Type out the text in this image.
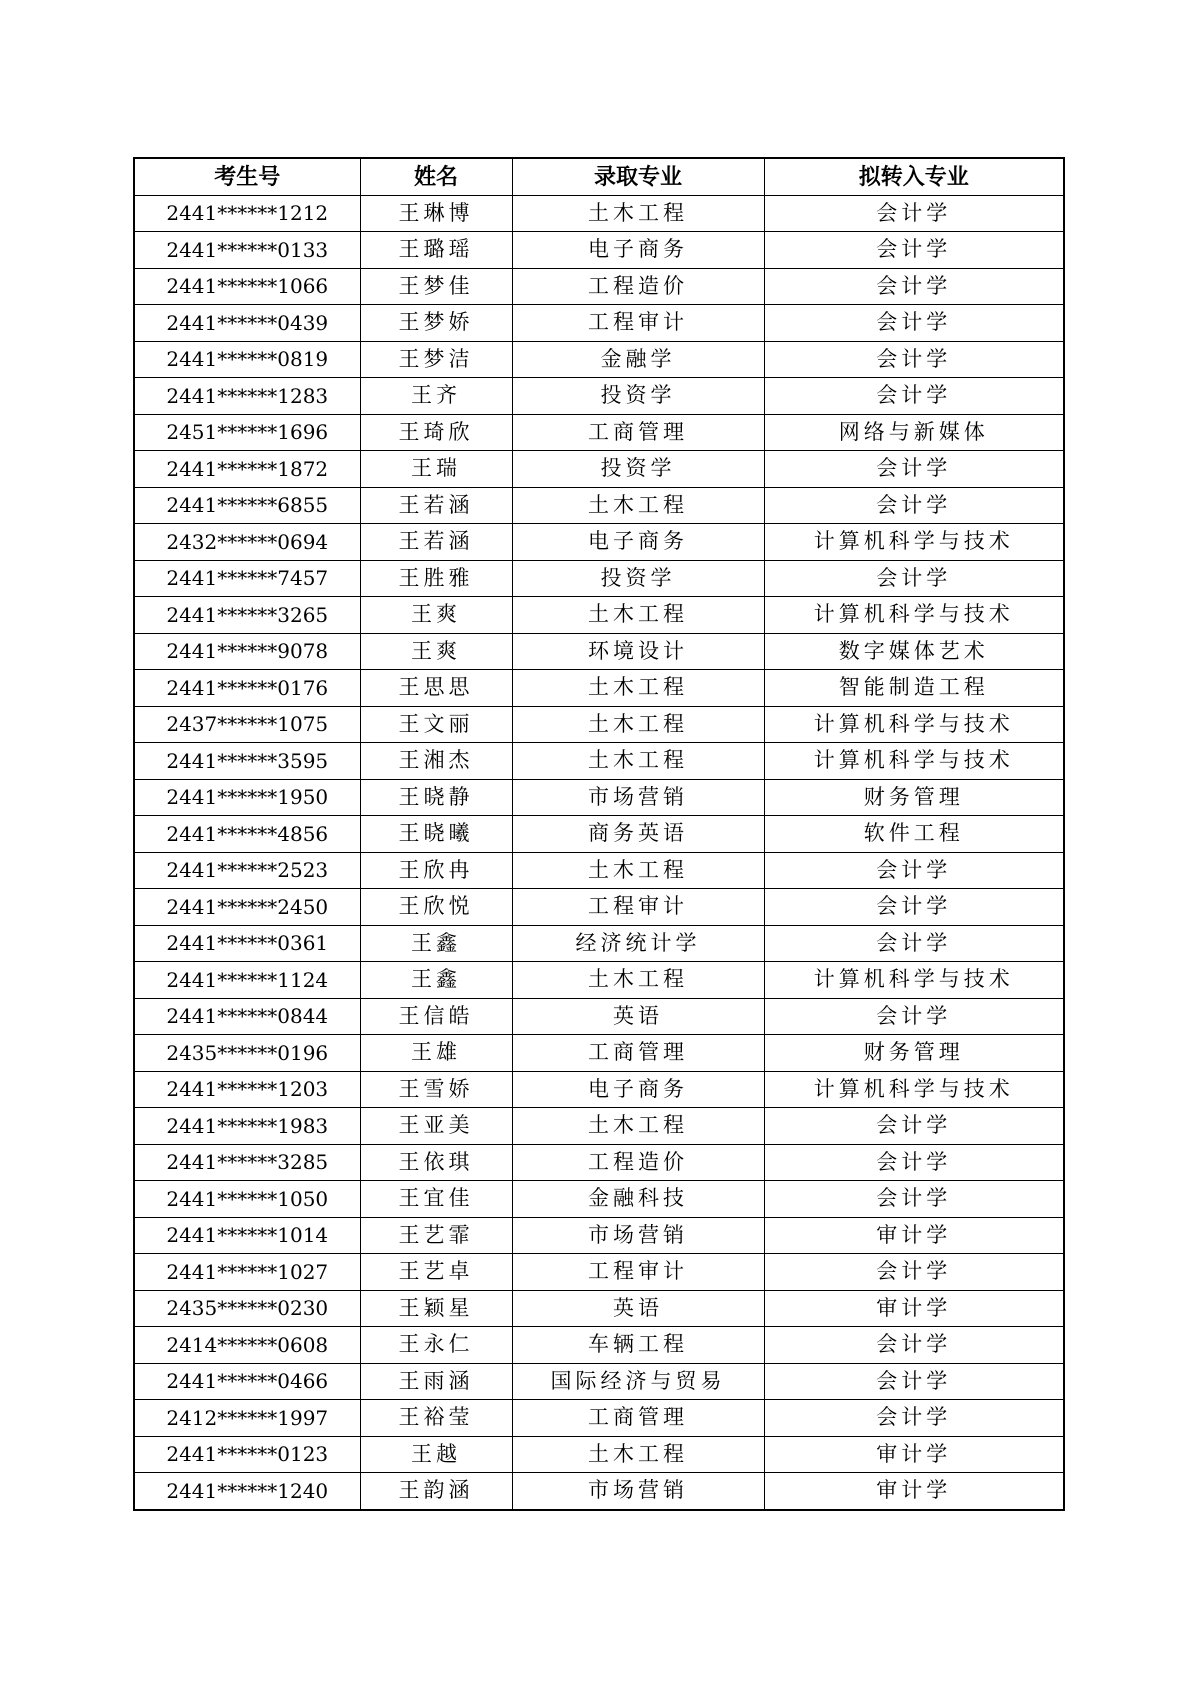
考生号	姓名	录取专业	拟转入专业
2441******1212	王琳博	土木工程	会计学
2441******0133	王璐瑶	电子商务	会计学
2441******1066	王梦佳	工程造价	会计学
2441******0439	王梦娇	工程审计	会计学
2441******0819	王梦洁	金融学	会计学
2441******1283	王齐	投资学	会计学
2451******1696	王琦欣	工商管理	网络与新媒体
2441******1872	王瑞	投资学	会计学
2441******6855	王若涵	土木工程	会计学
2432******0694	王若涵	电子商务	计算机科学与技术
2441******7457	王胜雅	投资学	会计学
2441******3265	王爽	土木工程	计算机科学与技术
2441******9078	王爽	环境设计	数字媒体艺术
2441******0176	王思思	土木工程	智能制造工程
2437******1075	王文丽	土木工程	计算机科学与技术
2441******3595	王湘杰	土木工程	计算机科学与技术
2441******1950	王晓静	市场营销	财务管理
2441******4856	王晓曦	商务英语	软件工程
2441******2523	王欣冉	土木工程	会计学
2441******2450	王欣悦	工程审计	会计学
2441******0361	王鑫	经济统计学	会计学
2441******1124	王鑫	土木工程	计算机科学与技术
2441******0844	王信皓	英语	会计学
2435******0196	王雄	工商管理	财务管理
2441******1203	王雪娇	电子商务	计算机科学与技术
2441******1983	王亚美	土木工程	会计学
2441******3285	王依琪	工程造价	会计学
2441******1050	王宜佳	金融科技	会计学
2441******1014	王艺霏	市场营销	审计学
2441******1027	王艺卓	工程审计	会计学
2435******0230	王颖星	英语	审计学
2414******0608	王永仁	车辆工程	会计学
2441******0466	王雨涵	国际经济与贸易	会计学
2412******1997	王裕莹	工商管理	会计学
2441******0123	王越	土木工程	审计学
2441******1240	王韵涵	市场营销	审计学
